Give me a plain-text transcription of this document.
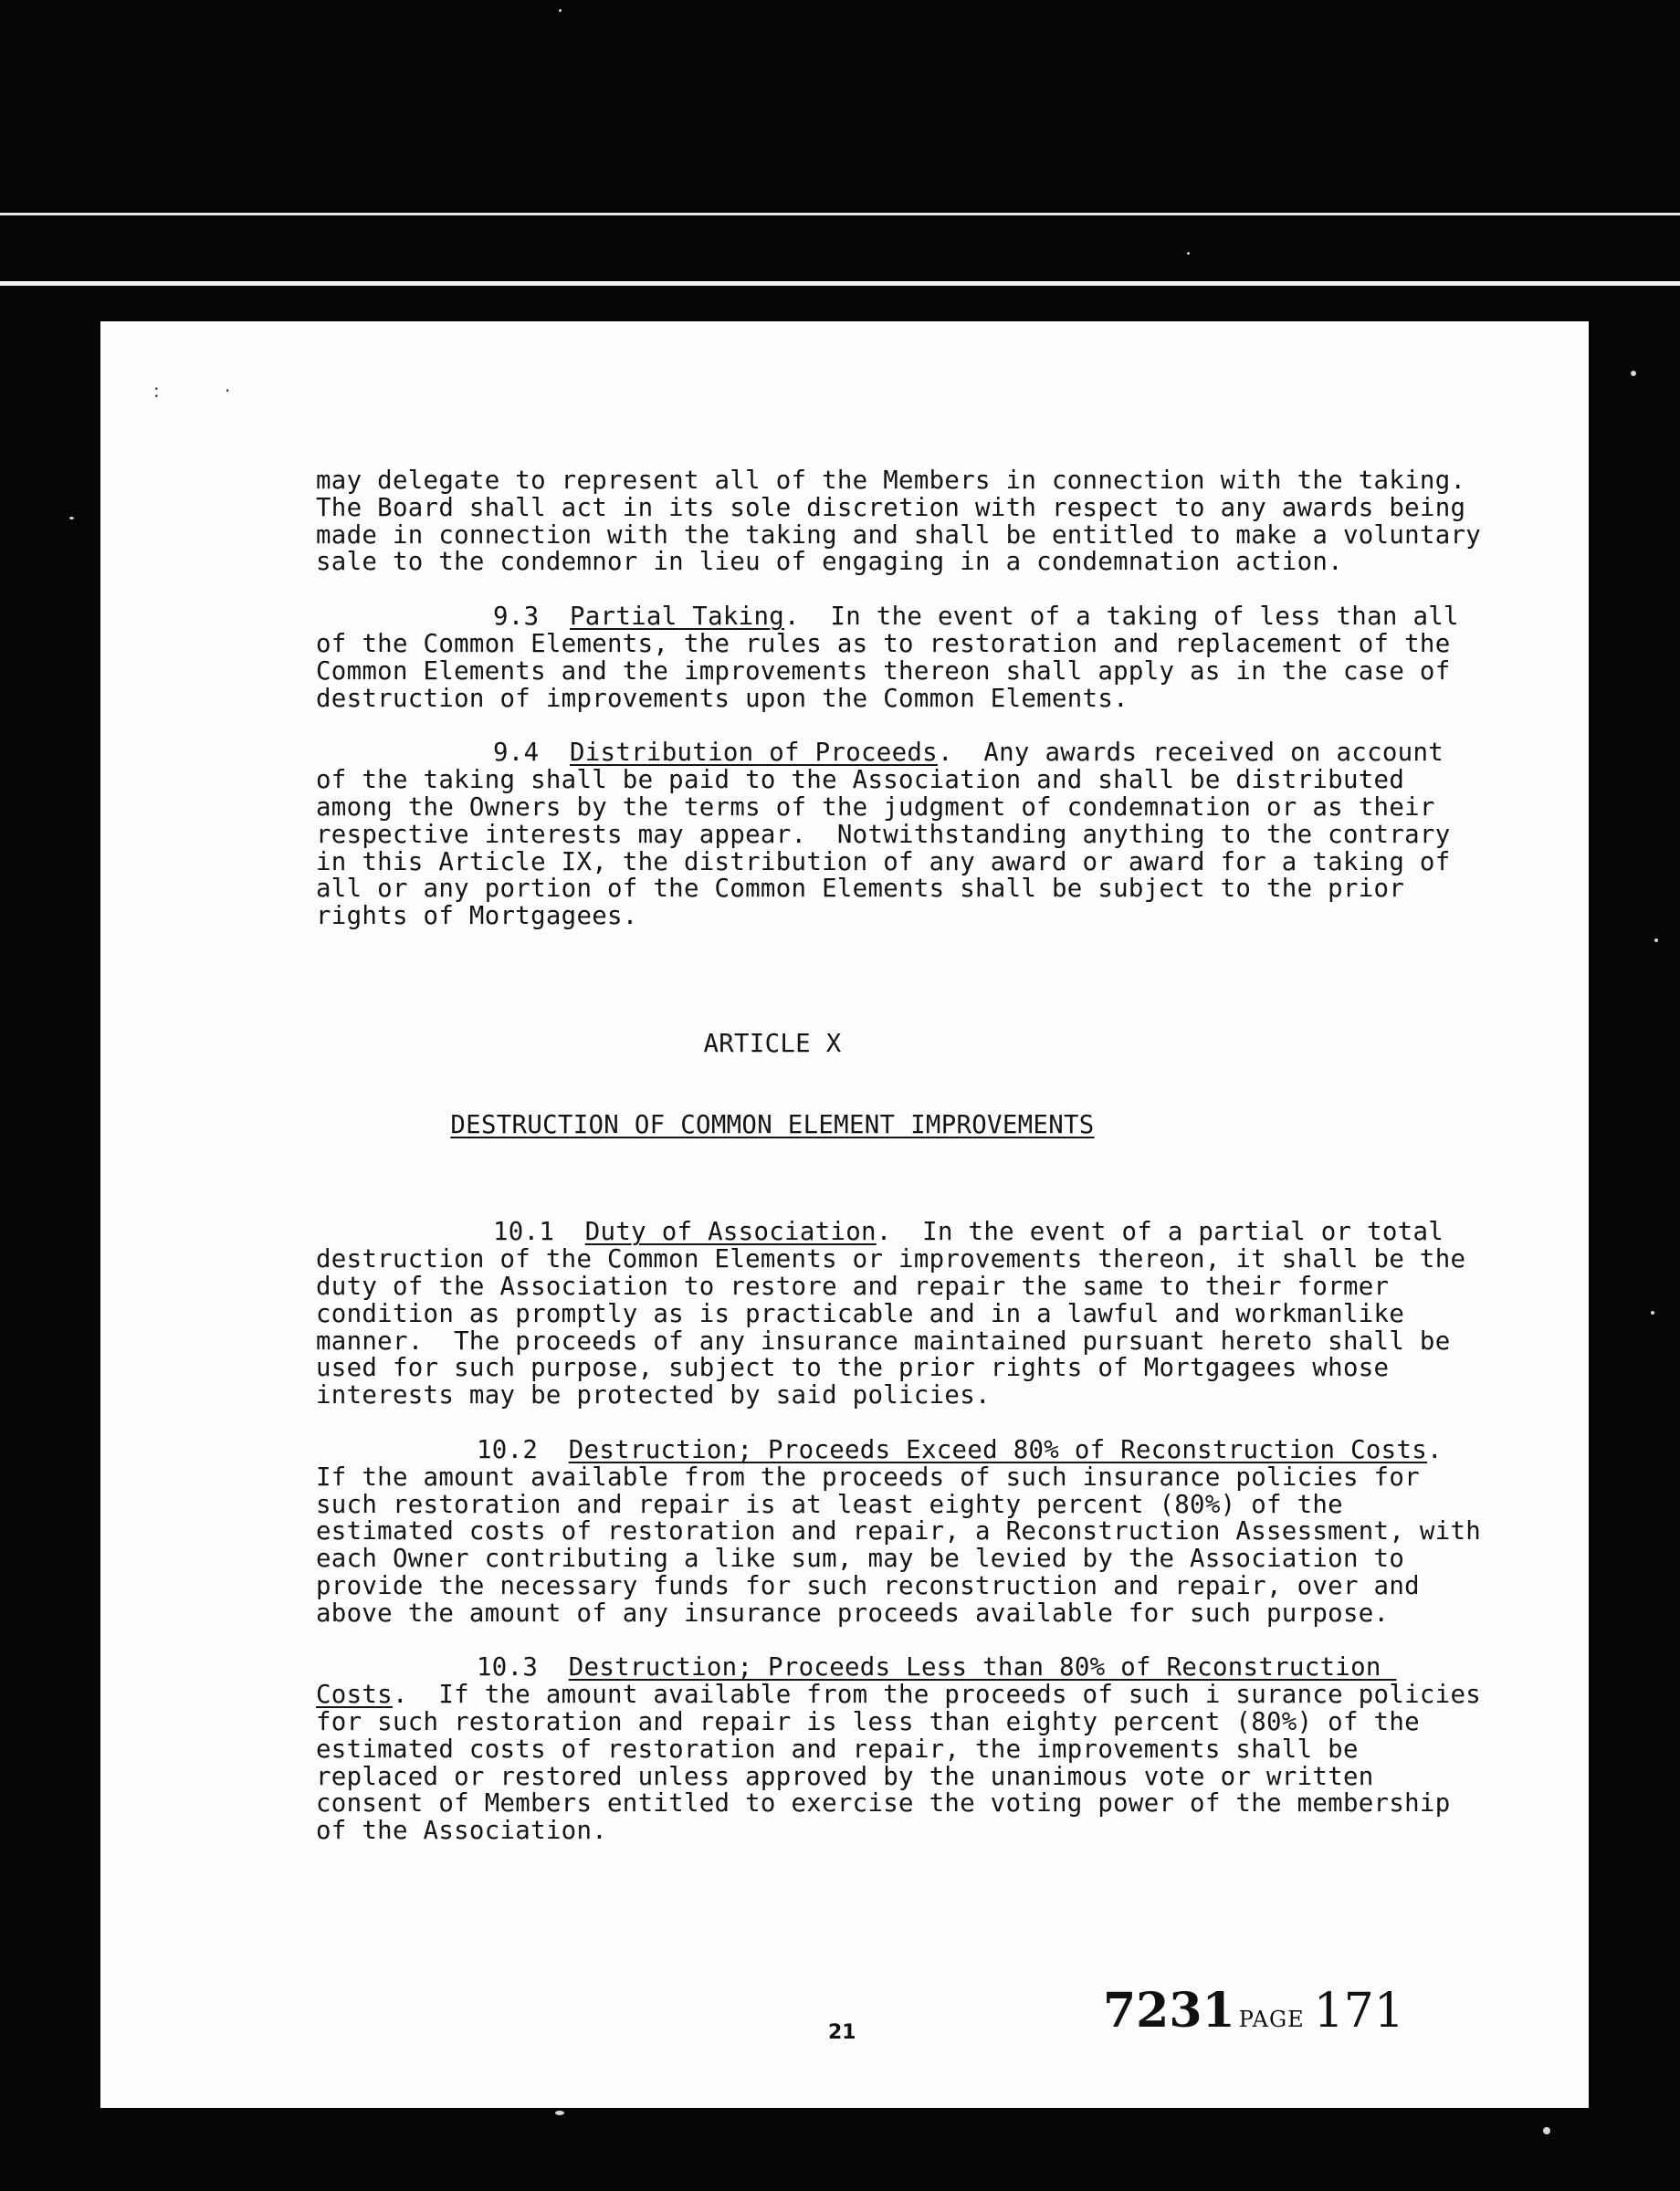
:	·

may delegate to represent all of the Members in connection with the taking.  The Board shall act in its sole discretion with respect to any awards being made in connection with the taking and shall be entitled to make a voluntary sale to the condemnor in lieu of engaging in a condemnation action.

9.3 Partial Taking.  In the event of a taking of less than all of the Common Elements, the rules as to restoration and replacement of the Common Elements and the improvements thereon shall apply as in the case of destruction of improvements upon the Common Elements.

9.4 Distribution of Proceeds.  Any awards received on account of the taking shall be paid to the Association and shall be distributed among the Owners by the terms of the judgment of condemnation or as their respective interests may appear.  Notwithstanding anything to the contrary in this Article IX, the distribution of any award or award for a taking of all or any portion of the Common Elements shall be subject to the prior rights of Mortgagees.

ARTICLE X

DESTRUCTION OF COMMON ELEMENT IMPROVEMENTS

10.1 Duty of Association.  In the event of a partial or total destruction of the Common Elements or improvements thereon, it shall be the duty of the Association to restore and repair the same to their former condition as promptly as is practicable and in a lawful and workmanlike manner.  The proceeds of any insurance maintained pursuant hereto shall be used for such purpose, subject to the prior rights of Mortgagees whose interests may be protected by said policies.

10.2 Destruction; Proceeds Exceed 80% of Reconstruction Costs.  If the amount available from the proceeds of such insurance policies for such restoration and repair is at least eighty percent (80%) of the estimated costs of restoration and repair, a Reconstruction Assessment, with each Owner contributing a like sum, may be levied by the Association to provide the necessary funds for such reconstruction and repair, over and above the amount of any insurance proceeds available for such purpose.

10.3 Destruction; Proceeds Less than 80% of Reconstruction Costs.  If the amount available from the proceeds of such i surance policies for such restoration and repair is less than eighty percent (80%) of the estimated costs of restoration and repair, the improvements shall be replaced or restored unless approved by the unanimous vote or written consent of Members entitled to exercise the voting power of the membership of the Association.

21	7231 PAGE 171
